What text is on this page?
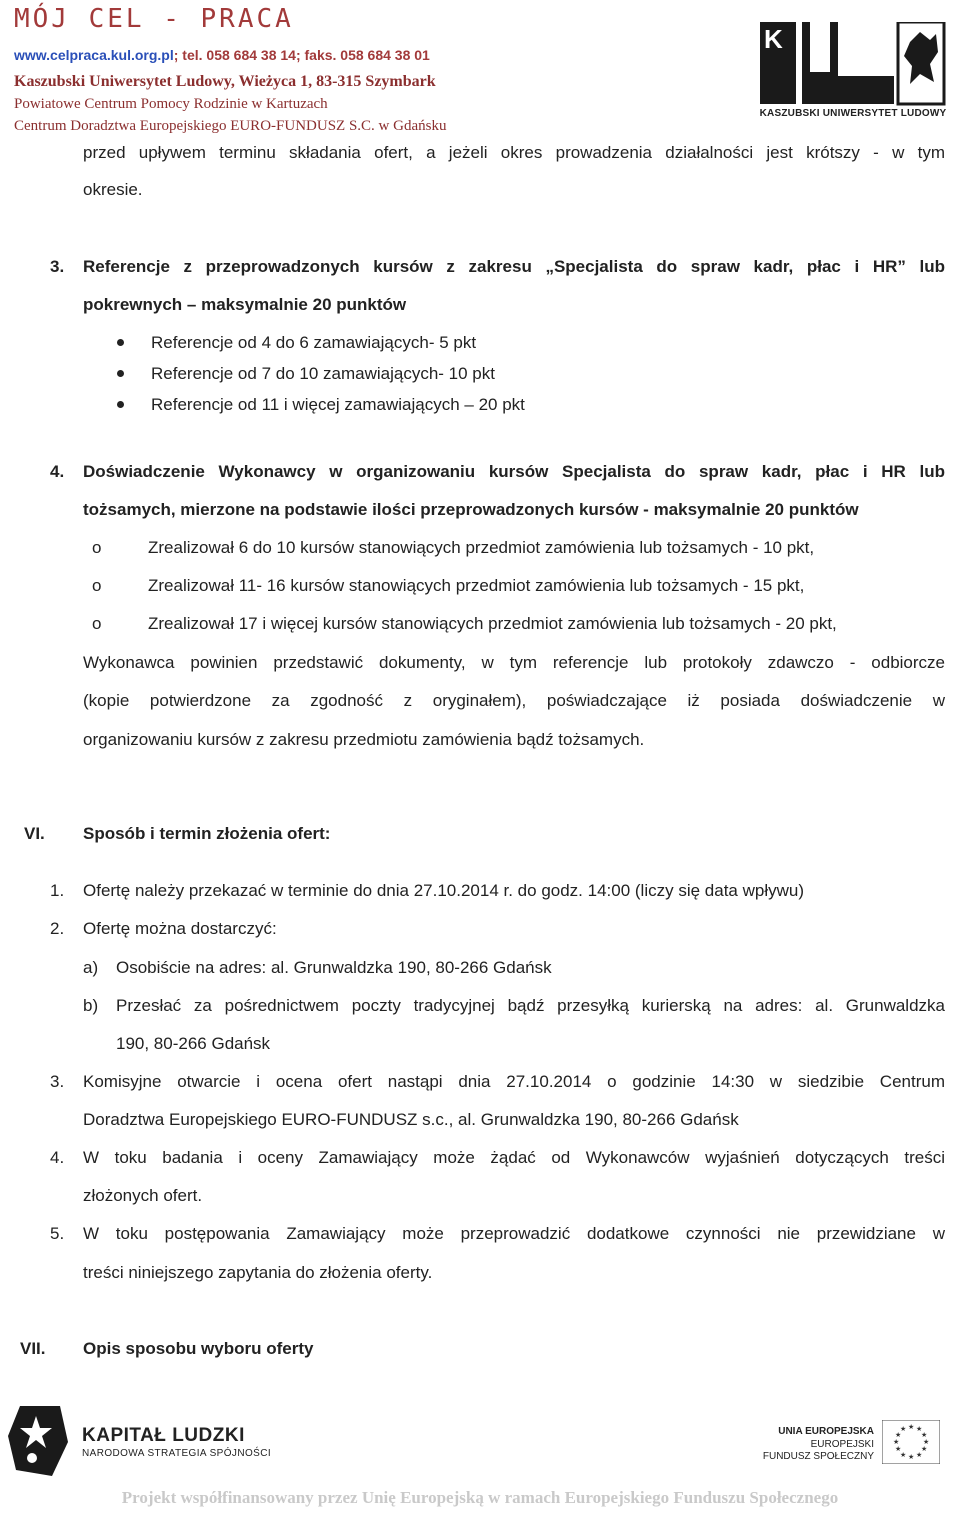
MÓJ CEL - PRACA
www.celpraca.kul.org.pl; tel. 058 684 38 14; faks. 058 684 38 01
Kaszubski Uniwersytet Ludowy, Wieżyca 1, 83-315 Szymbark
Powiatowe Centrum Pomocy Rodzinie w Kartuzach
Centrum Doradztwa Europejskiego EURO-FUNDUSZ S.C. w Gdańsku
K
KASZUBSKI UNIWERSYTET LUDOWY
przed upływem terminu składania ofert, a jeżeli okres prowadzenia działalności jest krótszy - w tym
okresie.
3. Referencje z przeprowadzonych kursów z zakresu „Specjalista do spraw kadr, płac i HR” lub
pokrewnych – maksymalnie 20 punktów
Referencje od 4 do 6 zamawiających- 5 pkt
Referencje od 7 do 10 zamawiających- 10 pkt
Referencje od 11 i więcej zamawiających – 20 pkt
4. Doświadczenie Wykonawcy w organizowaniu kursów Specjalista do spraw kadr, płac i HR lub
tożsamych, mierzone na podstawie ilości przeprowadzonych kursów - maksymalnie 20 punktów
o	Zrealizował 6 do 10 kursów stanowiących przedmiot zamówienia lub tożsamych - 10 pkt,
o	Zrealizował 11- 16 kursów stanowiących przedmiot zamówienia lub tożsamych - 15 pkt,
o	Zrealizował 17 i więcej kursów stanowiących przedmiot zamówienia lub tożsamych - 20 pkt,
Wykonawca powinien przedstawić dokumenty, w tym referencje lub protokoły zdawczo - odbiorcze
(kopie potwierdzone za zgodność z oryginałem), poświadczające iż posiada doświadczenie w
organizowaniu kursów z zakresu przedmiotu zamówienia bądź tożsamych.
VI. Sposób i termin złożenia ofert:
1. Ofertę należy przekazać w terminie do dnia 27.10.2014 r. do godz. 14:00 (liczy się data wpływu)
2. Ofertę można dostarczyć:
a) Osobiście na adres: al. Grunwaldzka 190, 80-266 Gdańsk
b) Przesłać za pośrednictwem poczty tradycyjnej bądź przesyłką kurierską na adres: al. Grunwaldzka
190, 80-266 Gdańsk
3. Komisyjne otwarcie i ocena ofert nastąpi dnia 27.10.2014 o godzinie 14:30 w siedzibie Centrum
Doradztwa Europejskiego EURO-FUNDUSZ s.c., al. Grunwaldzka 190, 80-266 Gdańsk
4. W toku badania i oceny Zamawiający może żądać od Wykonawców wyjaśnień dotyczących treści
złożonych ofert.
5. W toku postępowania Zamawiający może przeprowadzić dodatkowe czynności nie przewidziane w
treści niniejszego zapytania do złożenia oferty.
VII. Opis sposobu wyboru oferty
KAPITAŁ LUDZKI
NARODOWA STRATEGIA SPÓJNOŚCI
UNIA EUROPEJSKA
EUROPEJSKI
FUNDUSZ SPOŁECZNY
★ ★
★
★
★
★
★
★
★
★
★
★
Projekt współfinansowany przez Unię Europejską w ramach Europejskiego Funduszu Społecznego
